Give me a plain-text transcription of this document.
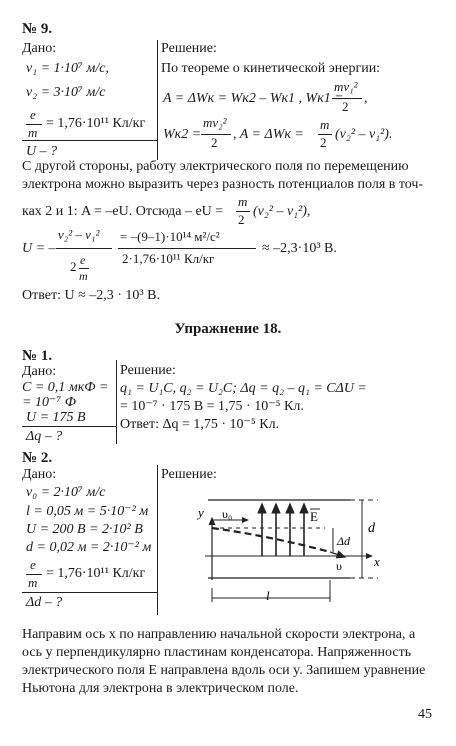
№ 9.
Дано:
v₁ = 1·10⁷ м/с,
v₂ = 3·10⁷ м/с
e
m
= 1,76·10¹¹ Кл/кг
U – ?
Решение:
По теореме о кинетической энергии:
A = ΔWк = Wк2 – Wк1 , Wк1 =
mv₁²
2
,
Wк2 =
mv₂²
2
, A = ΔWк =
m
2
(v₂² – v₁²).
С другой стороны, работу электрического поля по перемещению
электрона можно выразить через разность потенциалов поля в точ-
ках 2 и 1: A = –eU. Отсюда – eU =
m
2
(v₂² – v₁²),
U = –
v₂² – v₁²
2 e
m
= –(9–1)·10¹⁴ м²/с²
2·1,76·10¹¹ Кл/кг
≈ –2,3·10³ В.
Ответ: U ≈ –2,3 · 10³ В.
Упражнение 18.
№ 1.
Дано:
C = 0,1 мкФ =
= 10⁻⁷ Ф
U = 175 В
Δq – ?
Решение:
q₁ = U₁C, q₂ = U₂C; Δq = q₂ – q₁ = CΔU =
= 10⁻⁷ · 175 В = 1,75 · 10⁻⁵ Кл.
Ответ: Δq = 1,75 · 10⁻⁵ Кл.
№ 2.
Дано:
v₀ = 2·10⁷ м/с
l = 0,05 м = 5·10⁻² м
U = 200 В = 2·10² В
d = 0,02 м = 2·10⁻² м
e
m
= 1,76·10¹¹ Кл/кг
Δd – ?
Решение:
y υ₀	E
d
Δd
x
υ
l
Направим ось x по направлению начальной скорости электрона, а
ось y перпендикулярно пластинам конденсатора. Напряженность
электрического поля E направлена вдоль оси y. Запишем уравнение
Ньютона для электрона в электрическом поле.
45
